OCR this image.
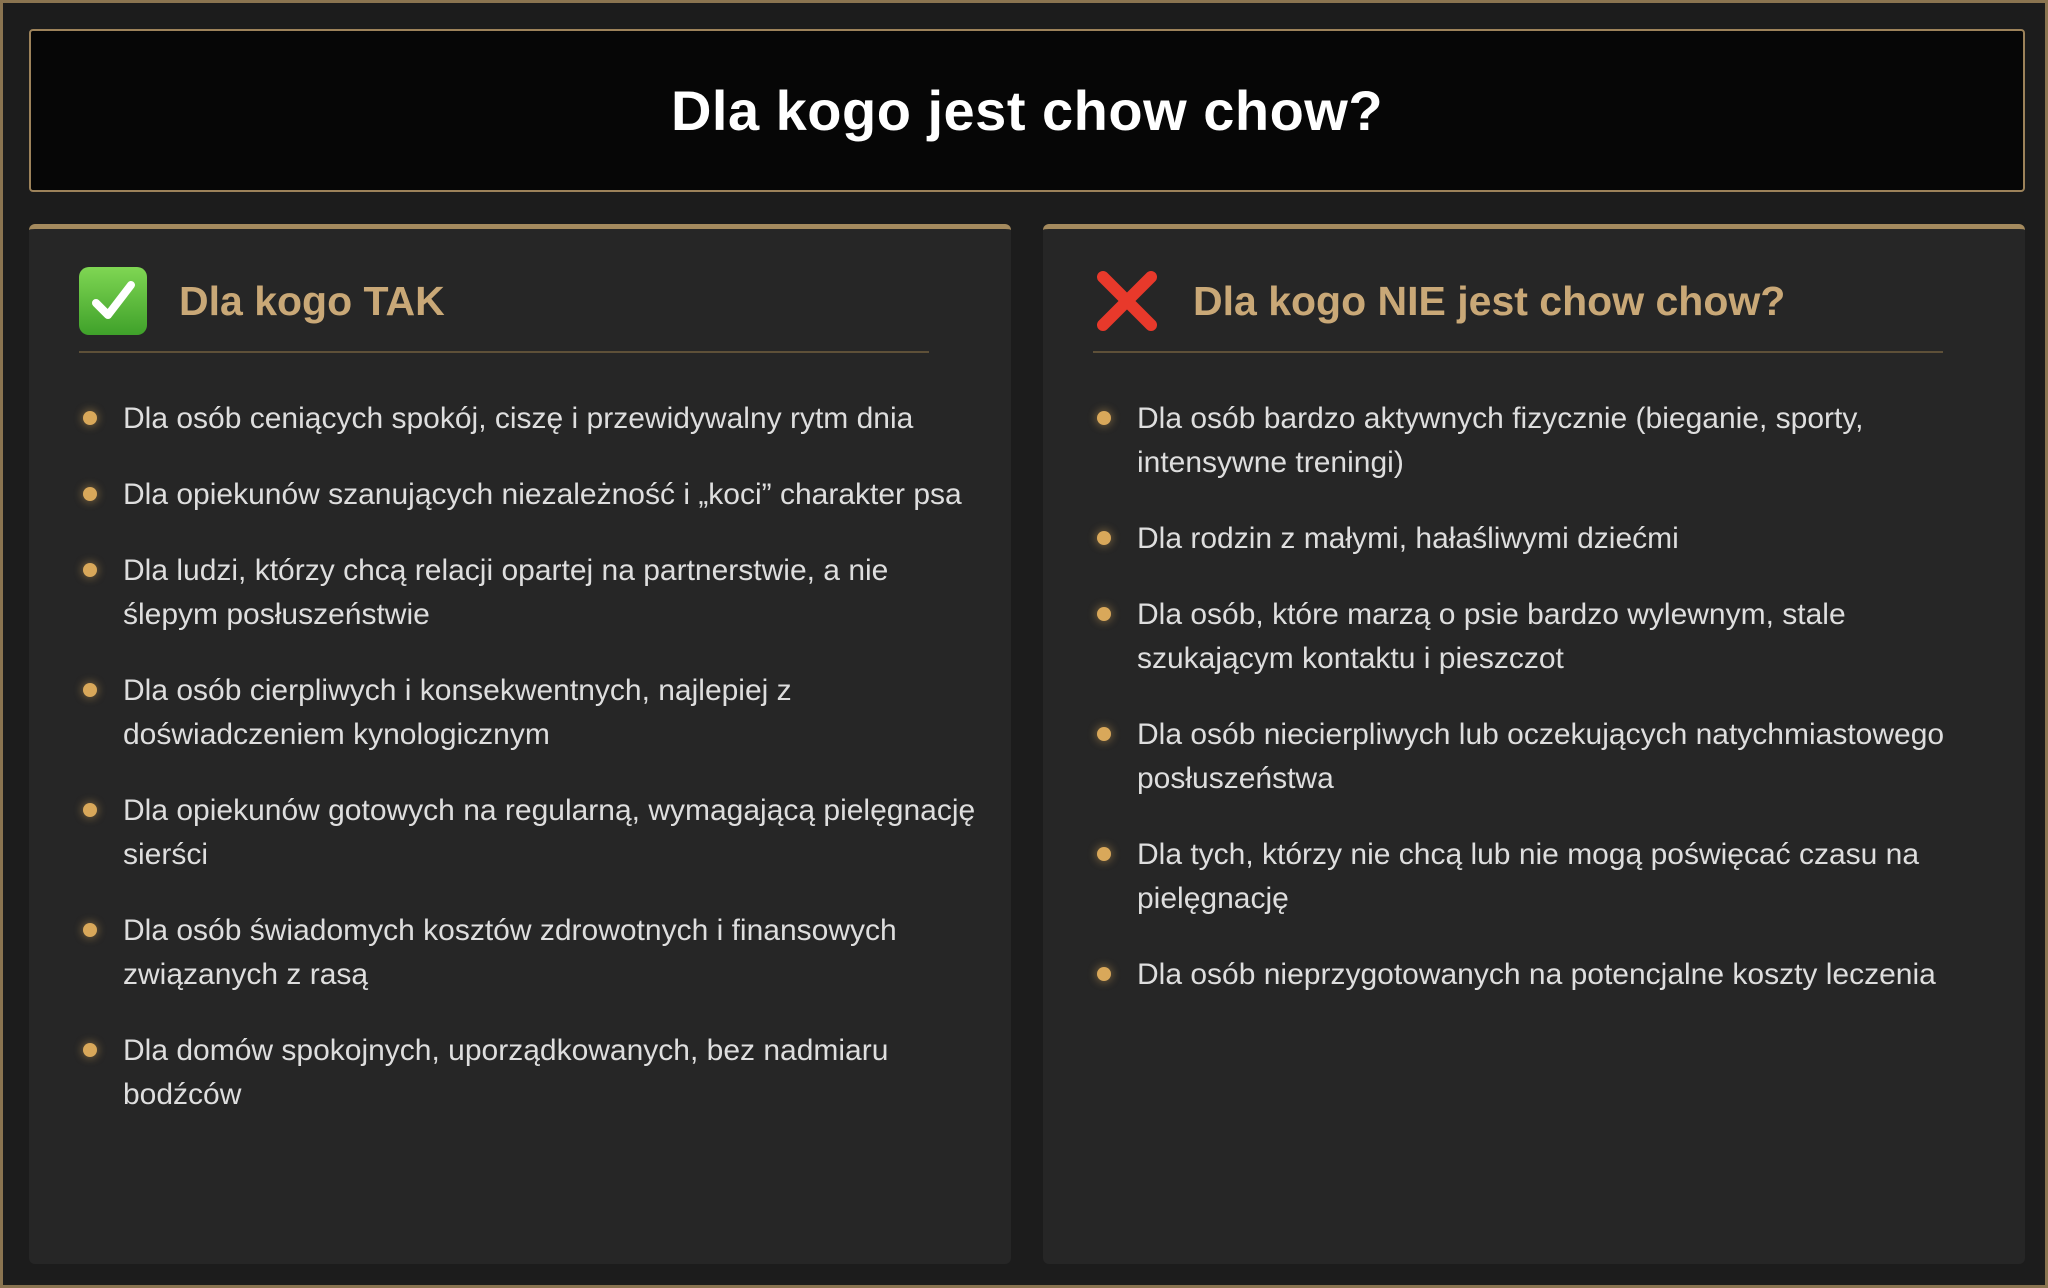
Dla kogo jest chow chow?
Dla kogo TAK
Dla osób ceniących spokój, ciszę i przewidywalny rytm dnia
Dla opiekunów szanujących niezależność i „koci” charakter psa
Dla ludzi, którzy chcą relacji opartej na partnerstwie, a nie ślepym posłuszeństwie
Dla osób cierpliwych i konsekwentnych, najlepiej z doświadczeniem kynologicznym
Dla opiekunów gotowych na regularną, wymagającą pielęgnację sierści
Dla osób świadomych kosztów zdrowotnych i finansowych związanych z rasą
Dla domów spokojnych, uporządkowanych, bez nadmiaru bodźców
Dla kogo NIE jest chow chow?
Dla osób bardzo aktywnych fizycznie (bieganie, sporty, intensywne treningi)
Dla rodzin z małymi, hałaśliwymi dziećmi
Dla osób, które marzą o psie bardzo wylewnym, stale szukającym kontaktu i pieszczot
Dla osób niecierpliwych lub oczekujących natychmiastowego posłuszeństwa
Dla tych, którzy nie chcą lub nie mogą poświęcać czasu na pielęgnację
Dla osób nieprzygotowanych na potencjalne koszty leczenia
